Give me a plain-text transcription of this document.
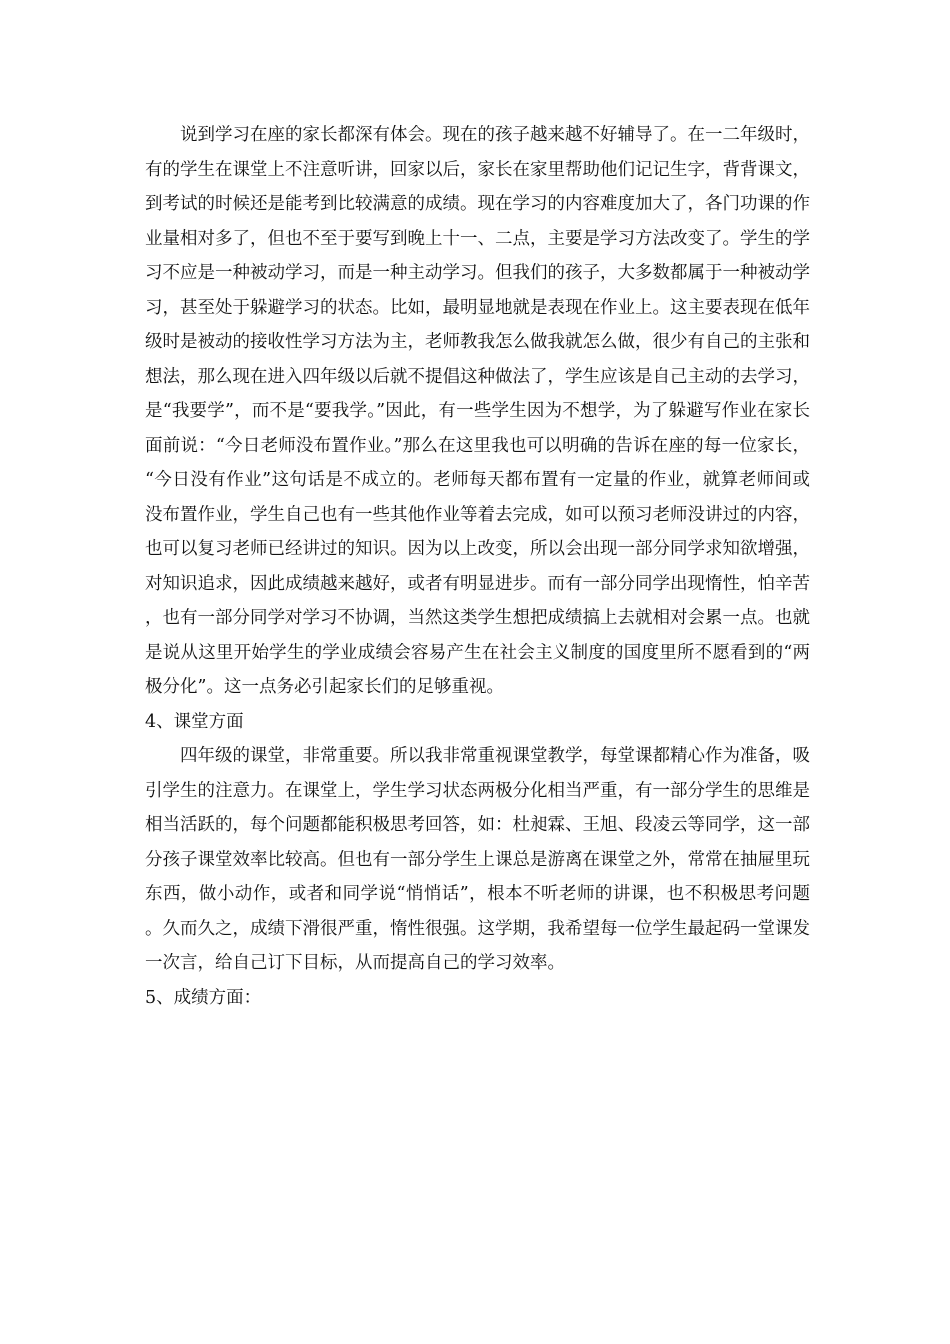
说到学习在座的家长都深有体会。现在的孩子越来越不好辅导了。在一二年级时，有的学生在课堂上不注意听讲，回家以后，家长在家里帮助他们记记生字，背背课文，到考试的时候还是能考到比较满意的成绩。现在学习的内容难度加大了，各门功课的作业量相对多了，但也不至于要写到晚上十一、二点，主要是学习方法改变了。学生的学习不应是一种被动学习，而是一种主动学习。但我们的孩子，大多数都属于一种被动学习，甚至处于躲避学习的状态。比如，最明显地就是表现在作业上。这主要表现在低年级时是被动的接收性学习方法为主，老师教我怎么做我就怎么做，很少有自己的主张和想法，那么现在进入四年级以后就不提倡这种做法了，学生应该是自己主动的去学习，是“我要学”，而不是“要我学。”因此，有一些学生因为不想学，为了躲避写作业在家长面前说：“今日老师没布置作业。”那么在这里我也可以明确的告诉在座的每一位家长，“今日没有作业”这句话是不成立的。老师每天都布置有一定量的作业，就算老师间或没布置作业，学生自己也有一些其他作业等着去完成，如可以预习老师没讲过的内容，也可以复习老师已经讲过的知识。因为以上改变，所以会出现一部分同学求知欲增强，对知识追求，因此成绩越来越好，或者有明显进步。而有一部分同学出现惰性，怕辛苦，也有一部分同学对学习不协调，当然这类学生想把成绩搞上去就相对会累一点。也就是说从这里开始学生的学业成绩会容易产生在社会主义制度的国度里所不愿看到的“两极分化”。这一点务必引起家长们的足够重视。

4、课堂方面

四年级的课堂，非常重要。所以我非常重视课堂教学，每堂课都精心作为准备，吸引学生的注意力。在课堂上，学生学习状态两极分化相当严重，有一部分学生的思维是相当活跃的，每个问题都能积极思考回答，如：杜昶霖、王旭、段凌云等同学，这一部分孩子课堂效率比较高。但也有一部分学生上课总是游离在课堂之外，常常在抽屉里玩东西，做小动作，或者和同学说“悄悄话”，根本不听老师的讲课，也不积极思考问题。久而久之，成绩下滑很严重，惰性很强。这学期，我希望每一位学生最起码一堂课发一次言，给自己订下目标，从而提高自己的学习效率。

5、成绩方面：
